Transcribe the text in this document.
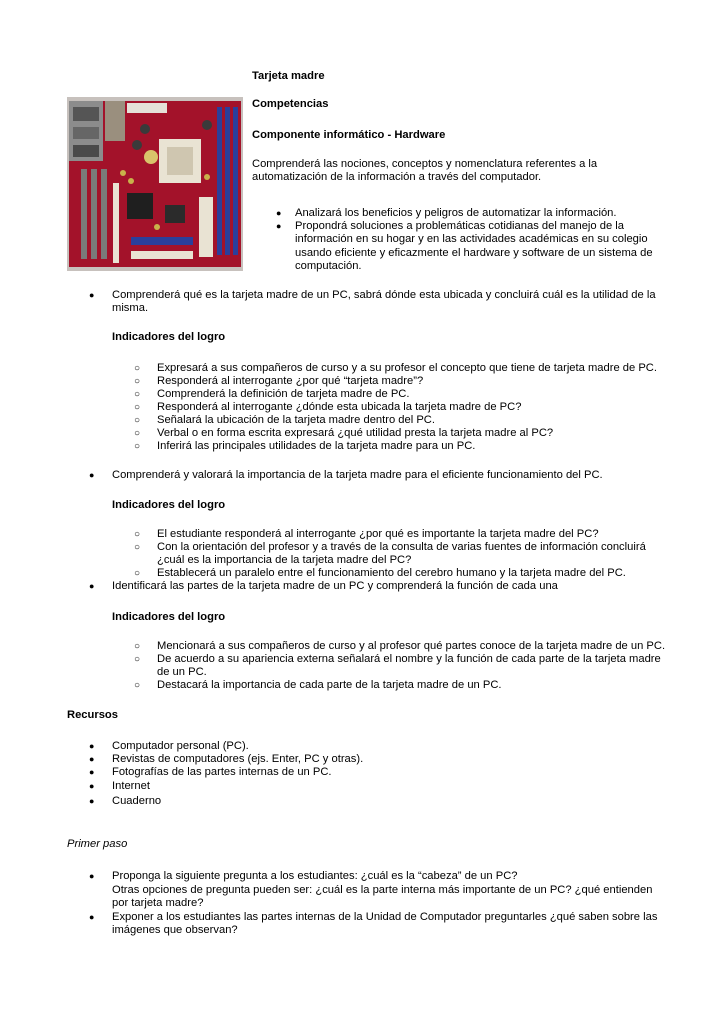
Tarjeta madre
Competencias
Componente informático - Hardware
Comprenderá las nociones, conceptos y nomenclatura referentes a la automatización de la información a través del computador.
● Analizará los beneficios y peligros de automatizar la información.
● Propondrá soluciones a problemáticas cotidianas del manejo de la información en su hogar y en las actividades académicas en su colegio usando eficiente y eficazmente el hardware y software de un sistema de computación.
● Comprenderá qué es la tarjeta madre de un PC, sabrá dónde esta ubicada y concluirá cuál es la utilidad de la misma.
Indicadores del logro
○ Expresará a sus compañeros de curso y a su profesor el concepto que tiene de tarjeta madre de PC.
○ Responderá al interrogante ¿por qué “tarjeta madre”?
○ Comprenderá la definición de tarjeta madre de PC.
○ Responderá al interrogante ¿dónde esta ubicada la tarjeta madre de PC?
○ Señalará la ubicación de la tarjeta madre dentro del PC.
○ Verbal o en forma escrita expresará ¿qué utilidad presta la tarjeta madre al PC?
○ Inferirá las principales utilidades de la tarjeta madre para un PC.
● Comprenderá y valorará la importancia de la tarjeta madre para el eficiente funcionamiento del PC.
Indicadores del logro
○ El estudiante responderá al interrogante ¿por qué es importante la tarjeta madre del PC?
○ Con la orientación del profesor y a través de la consulta de varias fuentes de información concluirá ¿cuál es la importancia de la tarjeta madre del PC?
○ Establecerá un paralelo entre el funcionamiento del cerebro humano y la tarjeta madre del PC.
● Identificará las partes de la tarjeta madre de un PC y comprenderá la función de cada una
Indicadores del logro
○ Mencionará a sus compañeros de curso y al profesor qué partes conoce de la tarjeta madre de un PC.
○ De acuerdo a su apariencia externa señalará el nombre y la función de cada parte de la tarjeta madre de un PC.
○ Destacará la importancia de cada parte de la tarjeta madre de un PC.
Recursos
● Computador personal (PC).
● Revistas de computadores (ejs. Enter, PC y otras).
● Fotografías de las partes internas de un PC.
● Internet
● Cuaderno
Primer paso
● Proponga la siguiente pregunta a los estudiantes: ¿cuál es la “cabeza” de un PC?
Otras opciones de pregunta pueden ser: ¿cuál es la parte interna más importante de un PC? ¿qué entienden por tarjeta madre?
● Exponer a los estudiantes las partes internas de la Unidad de Computador preguntarles ¿qué saben sobre las imágenes que observan?
